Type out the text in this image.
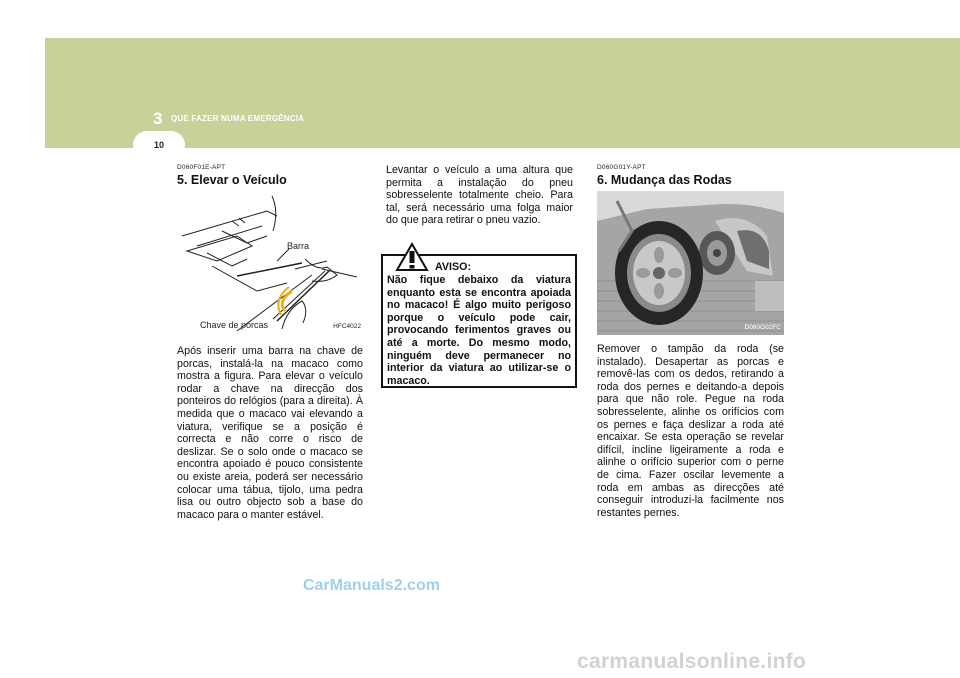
3 QUE FAZER NUMA EMERGÊNCIA
10
D060F01E-APT
5. Elevar o Veículo
Barra
Chave de porcas	HFC4022

Após inserir uma barra na chave de porcas, instalá-la na macaco como mostra a figura. Para elevar o veículo rodar a chave na direcção dos ponteiros do relógios (para a direita). À medida que o macaco vai elevando a viatura, verifique se a posição é correcta e não corre o risco de deslizar. Se o solo onde o macaco se encontra apoiado é pouco consistente ou existe areia, poderá ser necessário colocar uma tábua, tijolo, uma pedra lisa ou outro objecto sob a base do macaco para o manter estável.

Levantar o veículo a uma altura que permita a instalação do pneu sobresselente totalmente cheio. Para tal, será necessário uma folga maior do que para retirar o pneu vazio.

AVISO:

Não fique debaixo da viatura enquanto esta se encontra apoiada no macaco! É algo muito perigoso porque o veículo pode cair, provocando ferimentos graves ou até a morte. Do mesmo modo, ninguém deve permanecer no interior da viatura ao utilizar-se o macaco.

D060G01Y-APT
6. Mudança das Rodas
D060G02FC

Remover o tampão da roda (se instalado). Desapertar as porcas e removê-las com os dedos, retirando a roda dos pernes e deitando-a depois para que não role. Pegue na roda sobresselente, alinhe os orifícios com os pernes e faça deslizar a roda até encaixar. Se esta operação se revelar difícil, incline ligeiramente a roda e alinhe o orifício superior com o perne de cima. Fazer oscilar levemente a roda em ambas as direcções até conseguir introduzi-la facilmente nos restantes pernes.

CarManuals2.com
carmanualsonline.info
